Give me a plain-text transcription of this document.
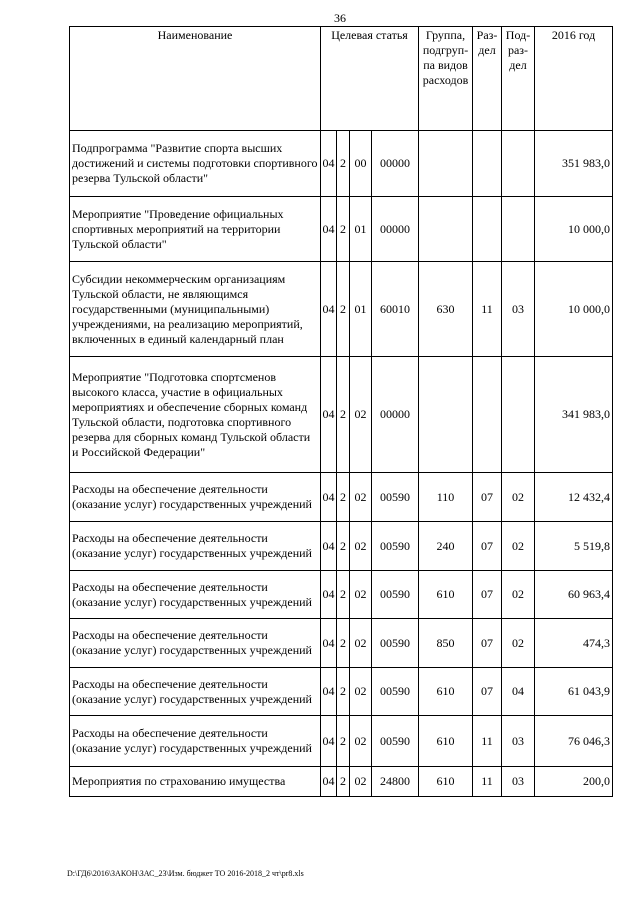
36
Наименование	Целевая статья				Группа, подгруп-па видов расходов	Раз-дел	Под-раз-дел	2016 год
Подпрограмма "Развитие спорта высших достижений и системы подготовки спортивного резерва Тульской области"	04	2	00	00000				351 983,0
Мероприятие "Проведение официальных спортивных мероприятий на территории Тульской области"	04	2	01	00000				10 000,0
Субсидии некоммерческим организациям Тульской области, не являющимся государственными (муниципальными) учреждениями, на реализацию мероприятий, включенных в единый календарный план	04	2	01	60010	630	11	03	10 000,0
Мероприятие "Подготовка спортсменов высокого класса, участие в официальных мероприятиях и обеспечение сборных команд Тульской области, подготовка спортивного резерва для сборных команд Тульской области и Российской Федерации"	04	2	02	00000				341 983,0
Расходы на обеспечение деятельности (оказание услуг) государственных учреждений	04	2	02	00590	110	07	02	12 432,4
Расходы на обеспечение деятельности (оказание услуг) государственных учреждений	04	2	02	00590	240	07	02	5 519,8
Расходы на обеспечение деятельности (оказание услуг) государственных учреждений	04	2	02	00590	610	07	02	60 963,4
Расходы на обеспечение деятельности (оказание услуг) государственных учреждений	04	2	02	00590	850	07	02	474,3
Расходы на обеспечение деятельности (оказание услуг) государственных учреждений	04	2	02	00590	610	07	04	61 043,9
Расходы на обеспечение деятельности (оказание услуг) государственных учреждений	04	2	02	00590	610	11	03	76 046,3
Мероприятия по страхованию имущества	04	2	02	24800	610	11	03	200,0
D:\ГД6\2016\ЗАКОН\ЗАС_23\Изм. бюджет ТО 2016-2018_2 чт\pr8.xls
